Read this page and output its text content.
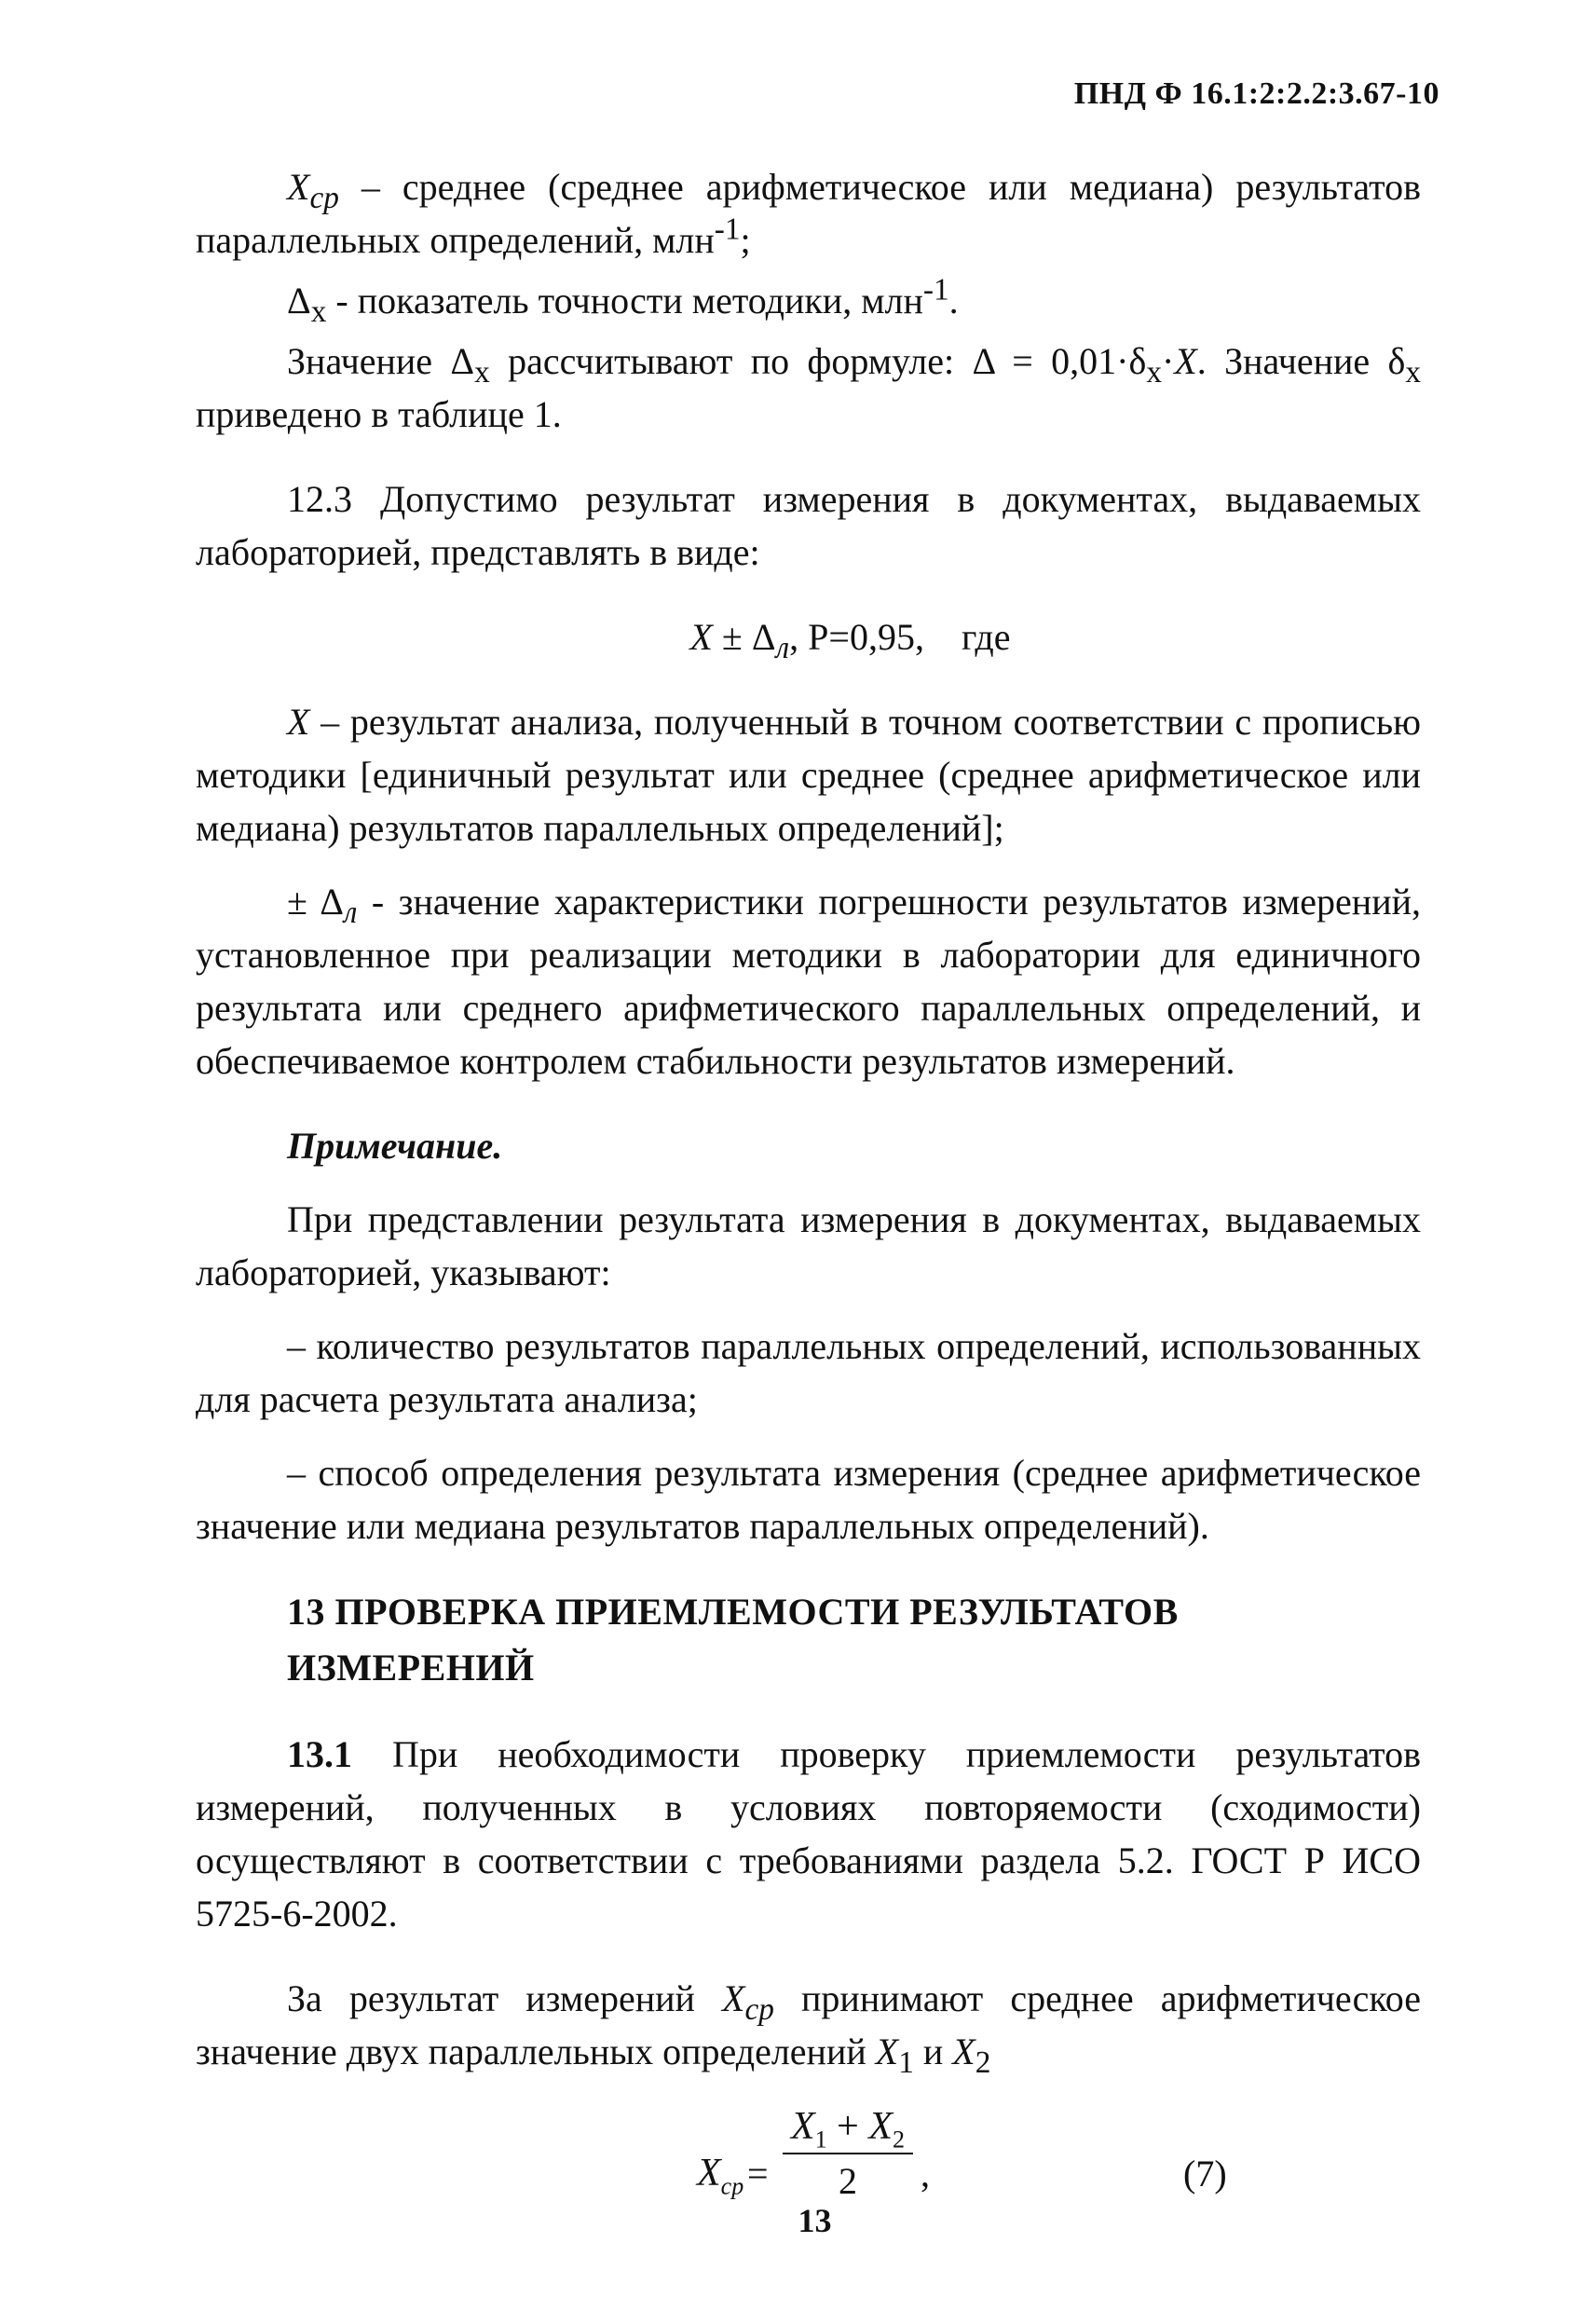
ПНД Ф 16.1:2:2.2:3.67-10

$X_{ср}$ – среднее (среднее арифметическое или медиана) результатов параллельных определений, млн$^{-1}$;

$\Delta_x$ - показатель точности методики, млн$^{-1}$.

Значение $\Delta_x$ рассчитывают по формуле: $\Delta = 0,01\cdot\delta_x\cdot X$. Значение $\delta_x$ приведено в таблице 1.

12.3 Допустимо результат измерения в документах, выдаваемых лабораторией, представлять в виде:

$X \pm \Delta_л$, P=0,95, где

X – результат анализа, полученный в точном соответствии с прописью методики [единичный результат или среднее (среднее арифметическое или медиана) результатов параллельных определений];

± $\Delta_л$ - значение характеристики погрешности результатов измерений, установленное при реализации методики в лаборатории для единичного результата или среднего арифметического параллельных определений, и обеспечиваемое контролем стабильности результатов измерений.

Примечание.

При представлении результата измерения в документах, выдаваемых лабораторией, указывают:

– количество результатов параллельных определений, использованных для расчета результата анализа;

– способ определения результата измерения (среднее арифметическое значение или медиана результатов параллельных определений).

13 ПРОВЕРКА ПРИЕМЛЕМОСТИ РЕЗУЛЬТАТОВ
ИЗМЕРЕНИЙ

13.1 При необходимости проверку приемлемости результатов измерений, полученных в условиях повторяемости (сходимости) осуществляют в соответствии с требованиями раздела 5.2. ГОСТ Р ИСО 5725-6-2002.

За результат измерений $X_{ср}$ принимают среднее арифметическое значение двух параллельных определений $X_1$ и $X_2$

$X_{ср} = \frac{X_1 + X_2}{2}$ ,	(7)
13
